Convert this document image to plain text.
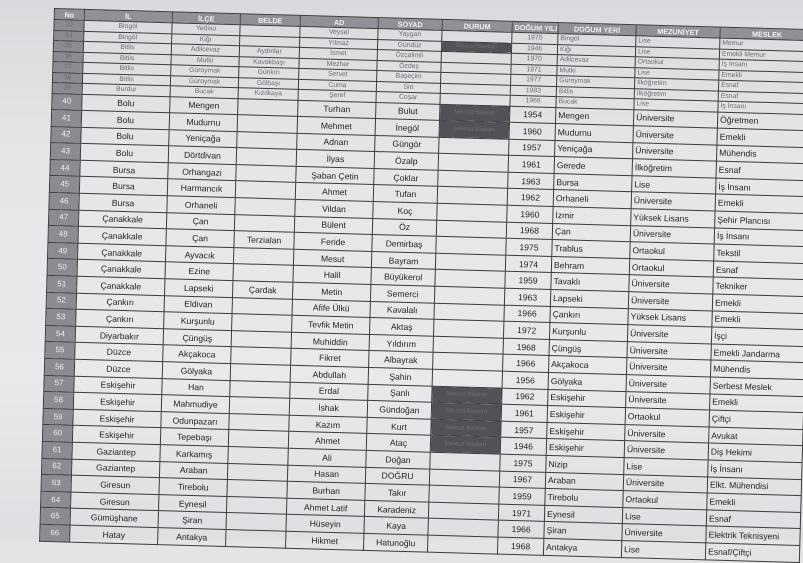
No	İL	İLÇE	BELDE	AD	SOYAD	DURUM	DOĞUM YILI	DOĞUM YERİ	MEZUNİYET	MESLEK
33	Bingöl	Yedisu		Veysel	Yaygan		1970	Bingöl	Lise	Memur
34	Bingöl	Kiğı		Yılmaz	Gündüz	Mevcut Başkan	1946	Kiğı	Lise	Emekli Memur
35	Bitlis	Adilcevaz	Aydınlar	İsmet	Özçalimli		1970	Adilcevaz	Ortaokul	İş İnsanı
36	Bitlis	Mutki	Kavakbaşı	Mezher	Özdeş		1971	Mutki	Lise	Emekli
37	Bitlis	Güroymak	Günkırı	Servet	Başeçim		1977	Güroymak	İlköğretim	Esnaf
38	Bitlis	Güroymak	Gölbaşı	Cuma	Siri		1983	Bitlis	İlköğretim	Esnaf
39	Burdur	Bucak	Kızılkaya	Şeref	Coşar		1966	Bucak	Lise	İş İnsanı
40	Bolu	Mengen		Turhan	Bulut	Mevcut Başkan	1954	Mengen	Üniversite	Öğretmen
41	Bolu	Mudurnu		Mehmet	İnegöl	Mevcut Başkan	1960	Mudurnu	Üniversite	Emekli
42	Bolu	Yeniçağa		Adnan	Güngör		1957	Yeniçağa	Üniversite	Mühendis
43	Bolu	Dörtdivan		İlyas	Özalp		1961	Gerede	İlköğretim	Esnaf
44	Bursa	Orhangazi		Şaban Çetin	Çoklar		1963	Bursa	Lise	İş İnsanı
45	Bursa	Harmancık		Ahmet	Tufan		1962	Orhaneli	Üniversite	Emekli
46	Bursa	Orhaneli		Vildan	Koç		1960	İzmir	Yüksek Lisans	Şehir Plancısı
47	Çanakkale	Çan		Bülent	Öz		1968	Çan	Üniversite	İş İnsanı
48	Çanakkale	Çan	Terzialan	Feride	Demirbaş		1975	Trablus	Ortaokul	Tekstil
49	Çanakkale	Ayvacık		Mesut	Bayram		1974	Behram	Ortaokul	Esnaf
50	Çanakkale	Ezine		Halil	Büyükerol		1959	Tavaklı	Üniversite	Tekniker
51	Çanakkale	Lapseki	Çardak	Metin	Semerci		1963	Lapseki	Üniversite	Emekli
52	Çankırı	Eldivan		Afife Ülkü	Kavalalı		1966	Çankırı	Yüksek Lisans	Emekli
53	Çankırı	Kurşunlu		Tevfik Metin	Aktaş		1972	Kurşunlu	Üniversite	İşçi
54	Diyarbakır	Çüngüş		Muhiddin	Yıldırım		1968	Çüngüş	Üniversite	Emekli Jandarma
55	Düzce	Akçakoca		Fikret	Albayrak		1966	Akçakoca	Üniversite	Mühendis
56	Düzce	Gölyaka		Abdullah	Şahin		1956	Gölyaka	Üniversite	Serbest Meslek
57	Eskişehir	Han		Erdal	Şanlı	Mevcut Başkan	1962	Eskişehir	Üniversite	Emekli
58	Eskişehir	Mahmudiye		İshak	Gündoğan	Mevcut Başkan	1961	Eskişehir	Ortaokul	Çiftçi
59	Eskişehir	Odunpazarı		Kazım	Kurt	Mevcut Başkan	1957	Eskişehir	Üniversite	Avukat
60	Eskişehir	Tepebaşı		Ahmet	Ataç	Mevcut Başkan	1946	Eskişehir	Üniversite	Diş Hekimi
61	Gaziantep	Karkamış		Ali	Doğan		1975	Nizip	Lise	İş İnsanı
62	Gaziantep	Araban		Hasan	DOĞRU		1967	Araban	Üniversite	Elkt. Mühendisi
63	Giresun	Tirebolu		Burhan	Takır		1959	Tirebolu	Ortaokul	Emekli
64	Giresun	Eynesil		Ahmet Latif	Karadeniz		1971	Eynesil	Lise	Esnaf
65	Gümüşhane	Şiran		Hüseyin	Kaya		1966	Şiran	Üniversite	Elektrik Teknisyeni
66	Hatay	Antakya		Hikmet	Hatunoğlu		1968	Antakya	Lise	Esnaf/Çiftçi
